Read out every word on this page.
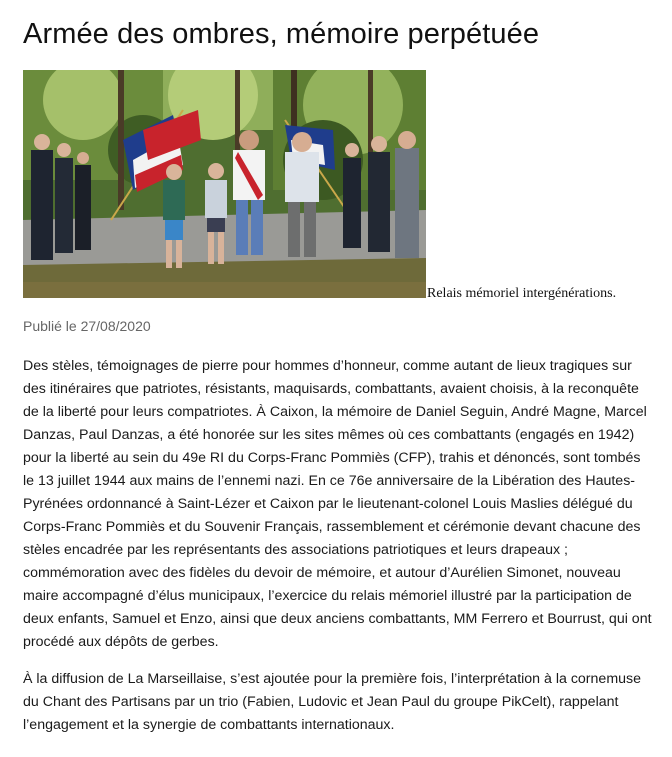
Armée des ombres, mémoire perpétuée
Relais mémoriel intergénérations.
Publié le 27/08/2020

Des stèles, témoignages de pierre pour hommes d’honneur, comme autant de lieux tragiques sur des itinéraires que patriotes, résistants, maquisards, combattants, avaient choisis, à la reconquête de la liberté pour leurs compatriotes. À Caixon, la mémoire de Daniel Seguin, André Magne, Marcel Danzas, Paul Danzas, a été honorée sur les sites mêmes où ces combattants (engagés en 1942) pour la liberté au sein du 49e RI du Corps-Franc Pommiès (CFP), trahis et dénoncés, sont tombés le 13 juillet 1944 aux mains de l’ennemi nazi. En ce 76e anniversaire de la Libération des Hautes-Pyrénées ordonnancé à Saint-Lézer et Caixon par le lieutenant-colonel Louis Maslies délégué du Corps-Franc Pommiès et du Souvenir Français, rassemblement et cérémonie devant chacune des stèles encadrée par les représentants des associations patriotiques et leurs drapeaux ; commémoration avec des fidèles du devoir de mémoire, et autour d’Aurélien Simonet, nouveau maire accompagné d’élus municipaux, l’exercice du relais mémoriel illustré par la participation de deux enfants, Samuel et Enzo, ainsi que deux anciens combattants, MM Ferrero et Bourrust, qui ont procédé aux dépôts de gerbes.

À la diffusion de La Marseillaise, s’est ajoutée pour la première fois, l’interprétation à la cornemuse du Chant des Partisans par un trio (Fabien, Ludovic et Jean Paul du groupe PikCelt), rappelant l’engagement et la synergie de combattants internationaux.
